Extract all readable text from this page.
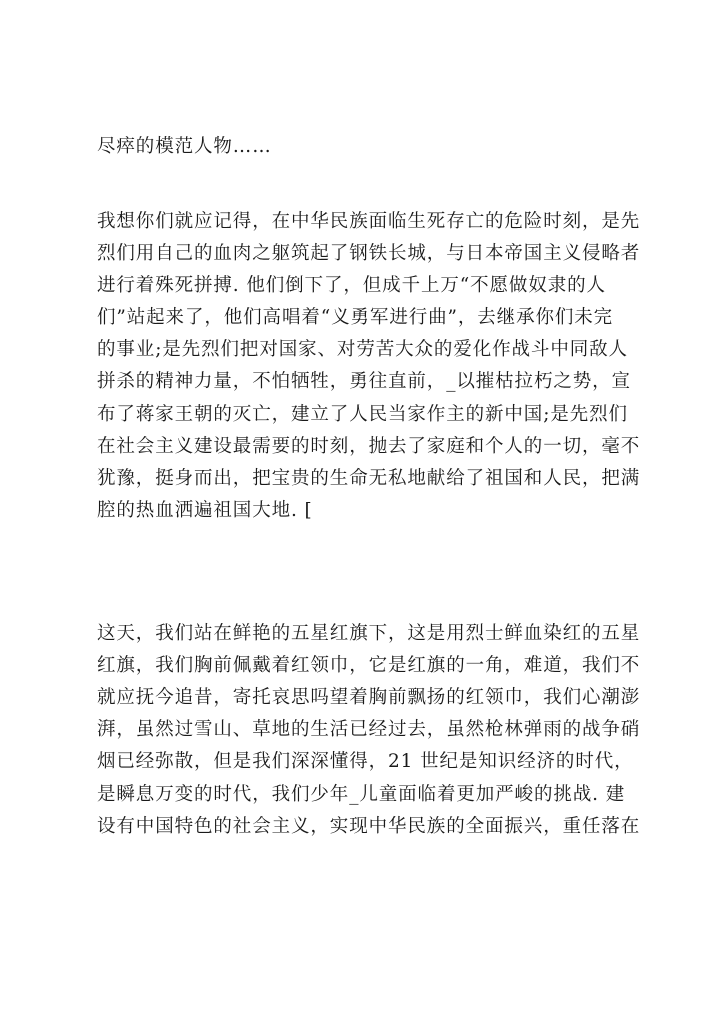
尽瘁的模范人物……
我想你们就应记得，在中华民族面临生死存亡的危险时刻，是先
烈们用自己的血肉之躯筑起了钢铁长城，与日本帝国主义侵略者
进行着殊死拼搏. 他们倒下了，但成千上万“不愿做奴隶的人
们”站起来了，他们高唱着“义勇军进行曲”，去继承你们未完
的事业;是先烈们把对国家、对劳苦大众的爱化作战斗中同敌人
拼杀的精神力量，不怕牺牲，勇往直前，_以摧枯拉朽之势，宣
布了蒋家王朝的灭亡，建立了人民当家作主的新中国;是先烈们
在社会主义建设最需要的时刻，抛去了家庭和个人的一切，毫不
犹豫，挺身而出，把宝贵的生命无私地献给了祖国和人民，把满
腔的热血洒遍祖国大地. [
这天，我们站在鲜艳的五星红旗下，这是用烈士鲜血染红的五星
红旗，我们胸前佩戴着红领巾，它是红旗的一角，难道，我们不
就应抚今追昔，寄托哀思吗望着胸前飘扬的红领巾，我们心潮澎
湃，虽然过雪山、草地的生活已经过去，虽然枪林弹雨的战争硝
烟已经弥散，但是我们深深懂得，21 世纪是知识经济的时代，
是瞬息万变的时代，我们少年_儿童面临着更加严峻的挑战. 建
设有中国特色的社会主义，实现中华民族的全面振兴，重任落在
